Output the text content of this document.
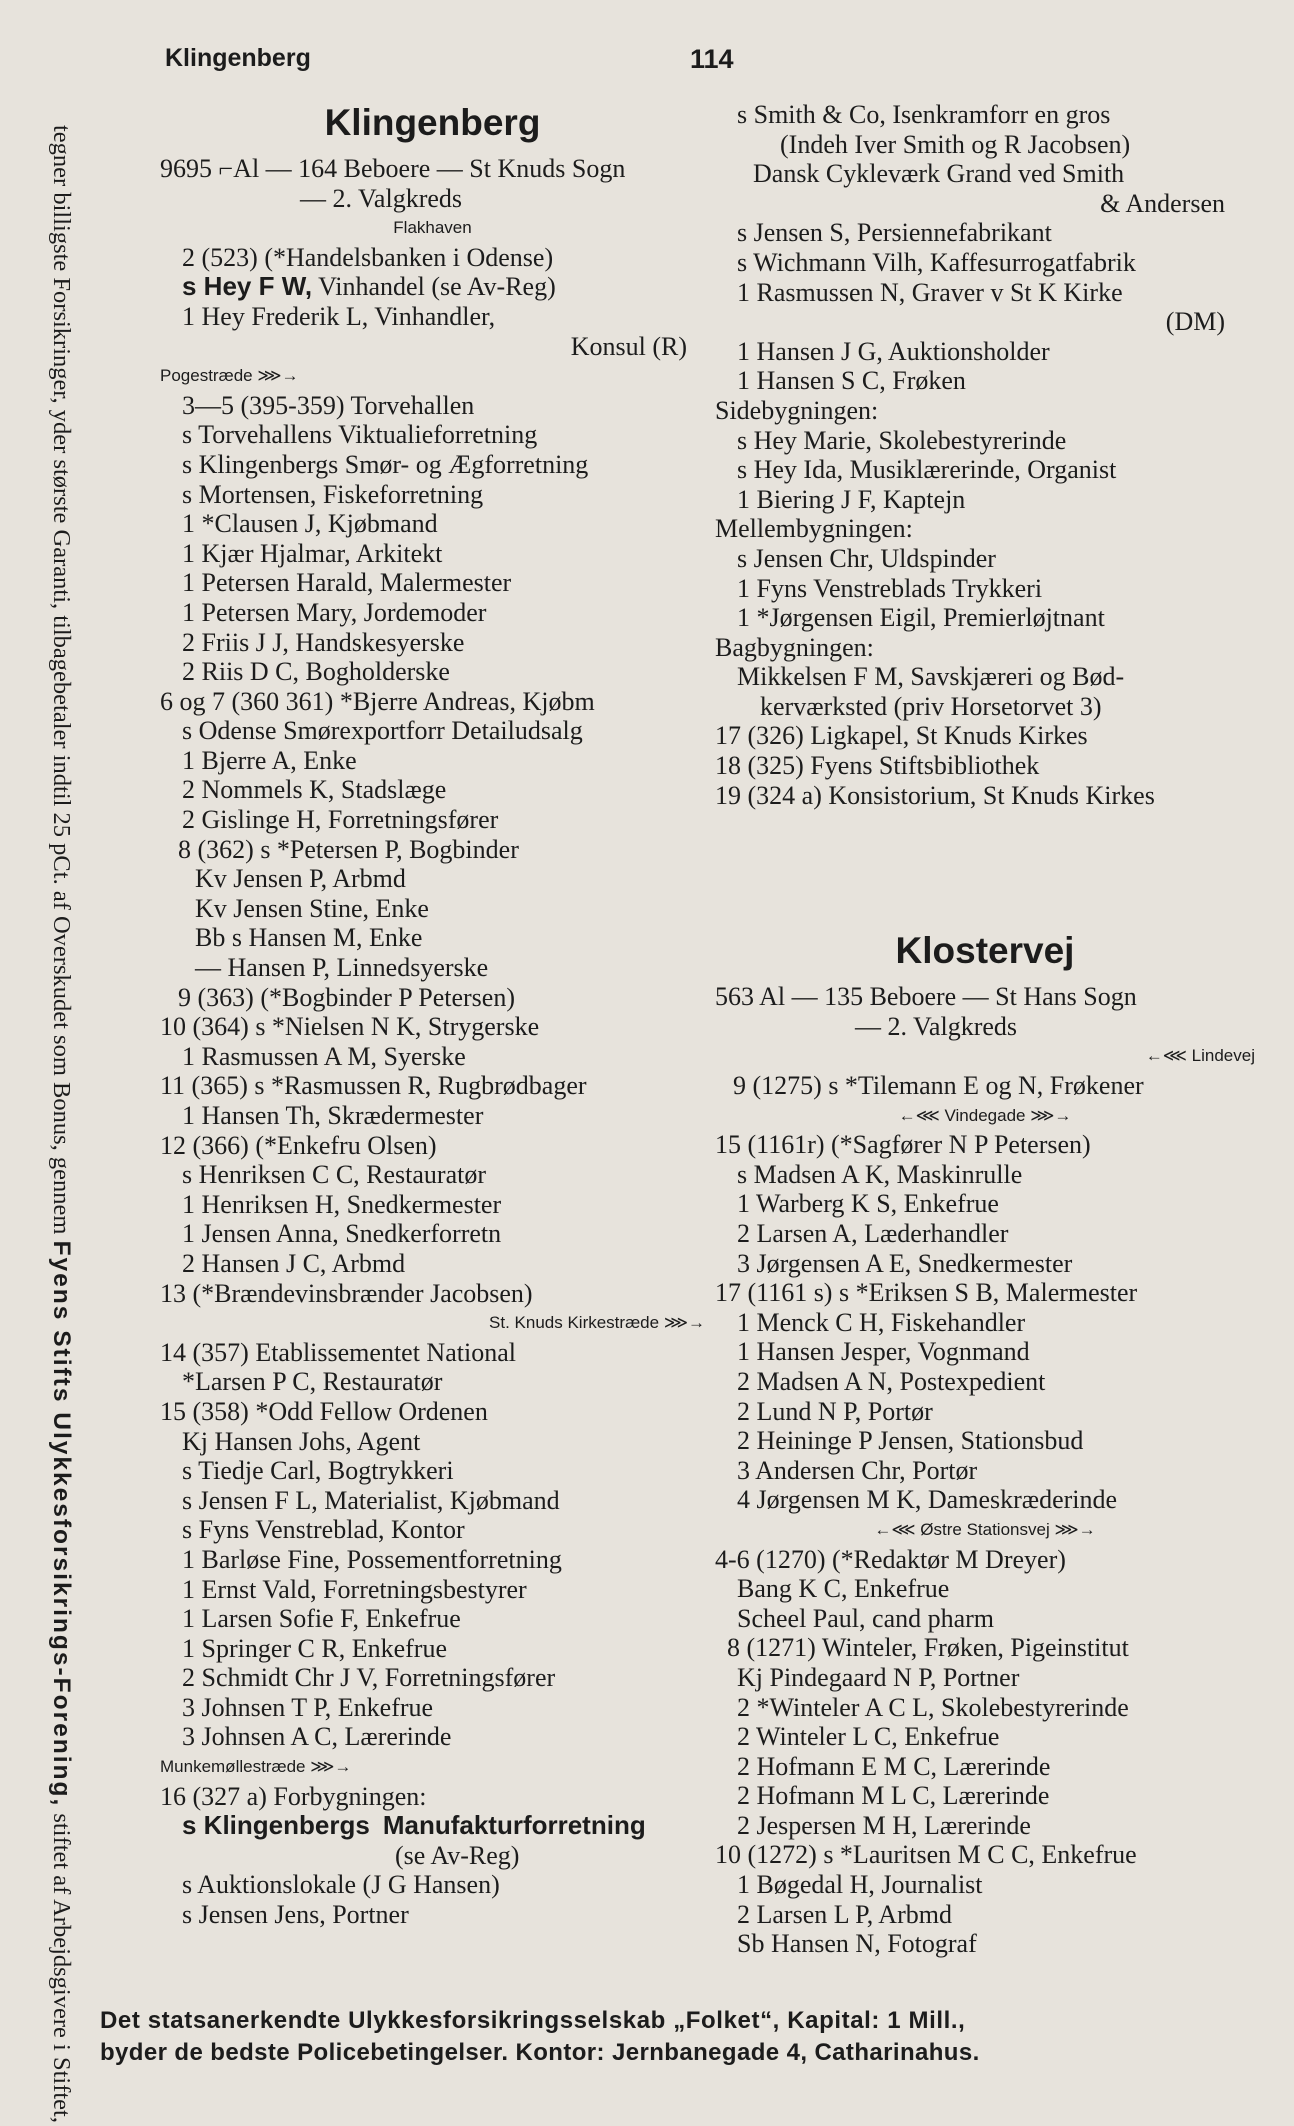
Klingenberg	114
tegner billigste Forsikringer, yder største Garanti, tilbagebetaler indtil 25 pCt. af Overskudet som Bonus, gennem Fyens Stifts Ulykkesforsikrings-Forening, stiftet af Arbejdsgivere i Stiftet,
Klingenberg
9695 ⌐Al — 164 Beboere — St Knuds Sogn
— 2. Valgkreds
Flakhaven
2 (523) (*Handelsbanken i Odense)
s Hey F W, Vinhandel (se Av-Reg)
1 Hey Frederik L, Vinhandler,
Konsul (R)
Pogestræde ⋙→
3—5 (395-359) Torvehallen
s Torvehallens Viktualieforretning
s Klingenbergs Smør- og Ægforretning
s Mortensen, Fiskeforretning
1 *Clausen J, Kjøbmand
1 Kjær Hjalmar, Arkitekt
1 Petersen Harald, Malermester
1 Petersen Mary, Jordemoder
2 Friis J J, Handskesyerske
2 Riis D C, Bogholderske
6 og 7 (360 361) *Bjerre Andreas, Kjøbm
s Odense Smørexportforr Detailudsalg
1 Bjerre A, Enke
2 Nommels K, Stadslæge
2 Gislinge H, Forretningsfører
8 (362) s *Petersen P, Bogbinder
Kv Jensen P, Arbmd
Kv Jensen Stine, Enke
Bb s Hansen M, Enke
— Hansen P, Linnedsyerske
9 (363) (*Bogbinder P Petersen)
10 (364) s *Nielsen N K, Strygerske
1 Rasmussen A M, Syerske
11 (365) s *Rasmussen R, Rugbrødbager
1 Hansen Th, Skrædermester
12 (366) (*Enkefru Olsen)
s Henriksen C C, Restauratør
1 Henriksen H, Snedkermester
1 Jensen Anna, Snedkerforretn
2 Hansen J C, Arbmd
13 (*Brændevinsbrænder Jacobsen)
St. Knuds Kirkestræde ⋙→
14 (357) Etablissementet National
*Larsen P C, Restauratør
15 (358) *Odd Fellow Ordenen
Kj Hansen Johs, Agent
s Tiedje Carl, Bogtrykkeri
s Jensen F L, Materialist, Kjøbmand
s Fyns Venstreblad, Kontor
1 Barløse Fine, Possementforretning
1 Ernst Vald, Forretningsbestyrer
1 Larsen Sofie F, Enkefrue
1 Springer C R, Enkefrue
2 Schmidt Chr J V, Forretningsfører
3 Johnsen T P, Enkefrue
3 Johnsen A C, Lærerinde
Munkemøllestræde ⋙→
16 (327 a) Forbygningen:
s Klingenbergs Manufakturforretning
(se Av-Reg)
s Auktionslokale (J G Hansen)
s Jensen Jens, Portner
s Smith & Co, Isenkramforr en gros
(Indeh Iver Smith og R Jacobsen)
Dansk Cykleværk Grand ved Smith
& Andersen
s Jensen S, Persiennefabrikant
s Wichmann Vilh, Kaffesurrogatfabrik
1 Rasmussen N, Graver v St K Kirke
(DM)
1 Hansen J G, Auktionsholder
1 Hansen S C, Frøken
Sidebygningen:
s Hey Marie, Skolebestyrerinde
s Hey Ida, Musiklærerinde, Organist
1 Biering J F, Kaptejn
Mellembygningen:
s Jensen Chr, Uldspinder
1 Fyns Venstreblads Trykkeri
1 *Jørgensen Eigil, Premierløjtnant
Bagbygningen:
Mikkelsen F M, Savskjæreri og Bød-
kerværksted (priv Horsetorvet 3)
17 (326) Ligkapel, St Knuds Kirkes
18 (325) Fyens Stiftsbibliothek
19 (324 a) Konsistorium, St Knuds Kirkes
Klostervej
563 Al — 135 Beboere — St Hans Sogn
— 2. Valgkreds
←⋘ Lindevej
9 (1275) s *Tilemann E og N, Frøkener
←⋘ Vindegade ⋙→
15 (1161r) (*Sagfører N P Petersen)
s Madsen A K, Maskinrulle
1 Warberg K S, Enkefrue
2 Larsen A, Læderhandler
3 Jørgensen A E, Snedkermester
17 (1161 s) s *Eriksen S B, Malermester
1 Menck C H, Fiskehandler
1 Hansen Jesper, Vognmand
2 Madsen A N, Postexpedient
2 Lund N P, Portør
2 Heininge P Jensen, Stationsbud
3 Andersen Chr, Portør
4 Jørgensen M K, Dameskræderinde
←⋘ Østre Stationsvej ⋙→
4-6 (1270) (*Redaktør M Dreyer)
Bang K C, Enkefrue
Scheel Paul, cand pharm
8 (1271) Winteler, Frøken, Pigeinstitut
Kj Pindegaard N P, Portner
2 *Winteler A C L, Skolebestyrerinde
2 Winteler L C, Enkefrue
2 Hofmann E M C, Lærerinde
2 Hofmann M L C, Lærerinde
2 Jespersen M H, Lærerinde
10 (1272) s *Lauritsen M C C, Enkefrue
1 Bøgedal H, Journalist
2 Larsen L P, Arbmd
Sb Hansen N, Fotograf
Det statsanerkendte Ulykkesforsikringsselskab „Folket“, Kapital: 1 Mill.,
byder de bedste Policebetingelser. Kontor: Jernbanegade 4, Catharinahus.
